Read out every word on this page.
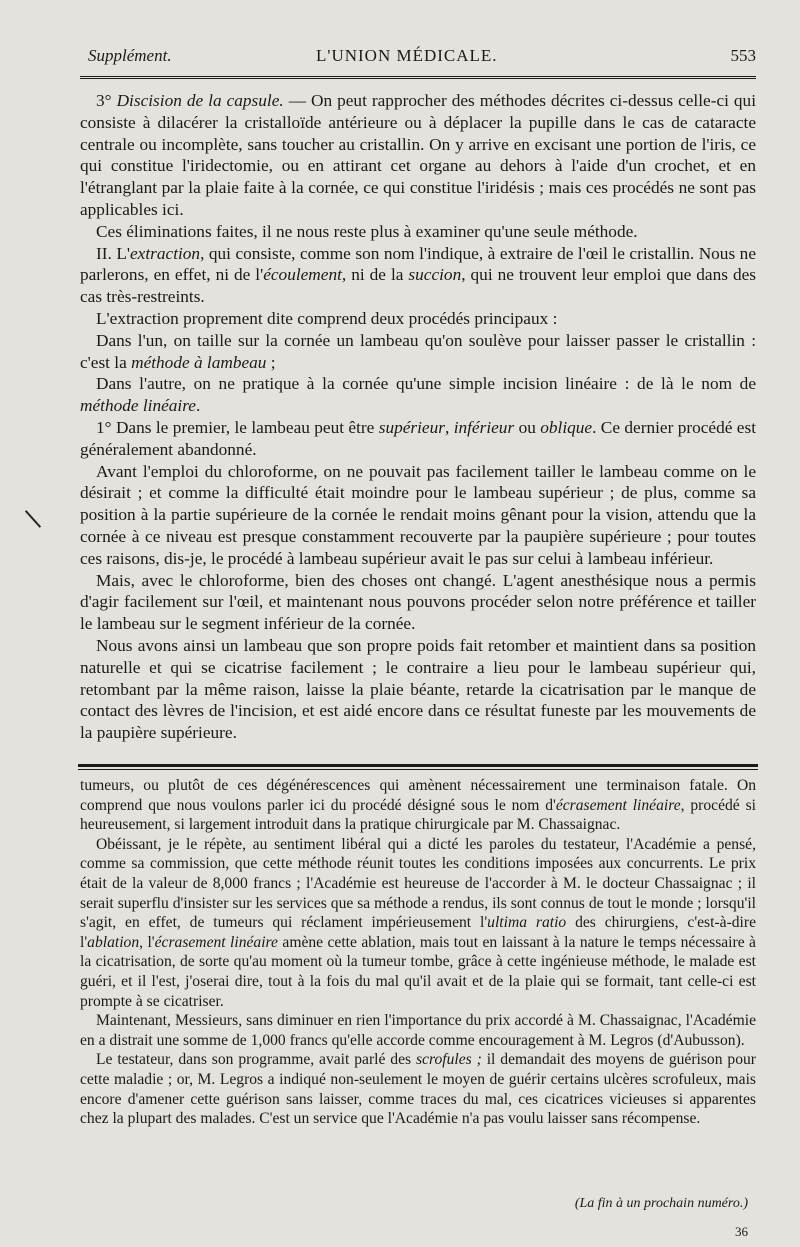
Supplément.	L'UNION MÉDICALE.	553

3° Discision de la capsule. — On peut rapprocher des méthodes décrites ci-dessus celle-ci qui consiste à dilacérer la cristalloïde antérieure ou à déplacer la pupille dans le cas de cataracte centrale ou incomplète, sans toucher au cristallin. On y arrive en excisant une portion de l'iris, ce qui constitue l'iridectomie, ou en attirant cet organe au dehors à l'aide d'un crochet, et en l'étranglant par la plaie faite à la cornée, ce qui constitue l'iridésis ; mais ces procédés ne sont pas applicables ici.

Ces éliminations faites, il ne nous reste plus à examiner qu'une seule méthode.

II. L'extraction, qui consiste, comme son nom l'indique, à extraire de l'œil le cristallin. Nous ne parlerons, en effet, ni de l'écoulement, ni de la succion, qui ne trouvent leur emploi que dans des cas très-restreints.

L'extraction proprement dite comprend deux procédés principaux :

Dans l'un, on taille sur la cornée un lambeau qu'on soulève pour laisser passer le cristallin : c'est la méthode à lambeau ;

Dans l'autre, on ne pratique à la cornée qu'une simple incision linéaire : de là le nom de méthode linéaire.

1° Dans le premier, le lambeau peut être supérieur, inférieur ou oblique. Ce dernier procédé est généralement abandonné.

Avant l'emploi du chloroforme, on ne pouvait pas facilement tailler le lambeau comme on le désirait ; et comme la difficulté était moindre pour le lambeau supérieur ; de plus, comme sa position à la partie supérieure de la cornée le rendait moins gênant pour la vision, attendu que la cornée à ce niveau est presque constamment recouverte par la paupière supérieure ; pour toutes ces raisons, dis-je, le procédé à lambeau supérieur avait le pas sur celui à lambeau inférieur.

Mais, avec le chloroforme, bien des choses ont changé. L'agent anesthésique nous a permis d'agir facilement sur l'œil, et maintenant nous pouvons procéder selon notre préférence et tailler le lambeau sur le segment inférieur de la cornée.

Nous avons ainsi un lambeau que son propre poids fait retomber et maintient dans sa position naturelle et qui se cicatrise facilement ; le contraire a lieu pour le lambeau supérieur qui, retombant par la même raison, laisse la plaie béante, retarde la cicatrisation par le manque de contact des lèvres de l'incision, et est aidé encore dans ce résultat funeste par les mouvements de la paupière supérieure.

tumeurs, ou plutôt de ces dégénérescences qui amènent nécessairement une terminaison fatale. On comprend que nous voulons parler ici du procédé désigné sous le nom d'écrasement linéaire, procédé si heureusement, si largement introduit dans la pratique chirurgicale par M. Chassaignac.

Obéissant, je le répète, au sentiment libéral qui a dicté les paroles du testateur, l'Académie a pensé, comme sa commission, que cette méthode réunit toutes les conditions imposées aux concurrents. Le prix était de la valeur de 8,000 francs ; l'Académie est heureuse de l'accorder à M. le docteur Chassaignac ; il serait superflu d'insister sur les services que sa méthode a rendus, ils sont connus de tout le monde ; lorsqu'il s'agit, en effet, de tumeurs qui réclament impérieusement l'ultima ratio des chirurgiens, c'est-à-dire l'ablation, l'écrasement linéaire amène cette ablation, mais tout en laissant à la nature le temps nécessaire à la cicatrisation, de sorte qu'au moment où la tumeur tombe, grâce à cette ingénieuse méthode, le malade est guéri, et il l'est, j'oserai dire, tout à la fois du mal qu'il avait et de la plaie qui se formait, tant celle-ci est prompte à se cicatriser.

Maintenant, Messieurs, sans diminuer en rien l'importance du prix accordé à M. Chassaignac, l'Académie en a distrait une somme de 1,000 francs qu'elle accorde comme encouragement à M. Legros (d'Aubusson).

Le testateur, dans son programme, avait parlé des scrofules ; il demandait des moyens de guérison pour cette maladie ; or, M. Legros a indiqué non-seulement le moyen de guérir certains ulcères scrofuleux, mais encore d'amener cette guérison sans laisser, comme traces du mal, ces cicatrices vicieuses si apparentes chez la plupart des malades. C'est un service que l'Académie n'a pas voulu laisser sans récompense.

(La fin à un prochain numéro.)
36
